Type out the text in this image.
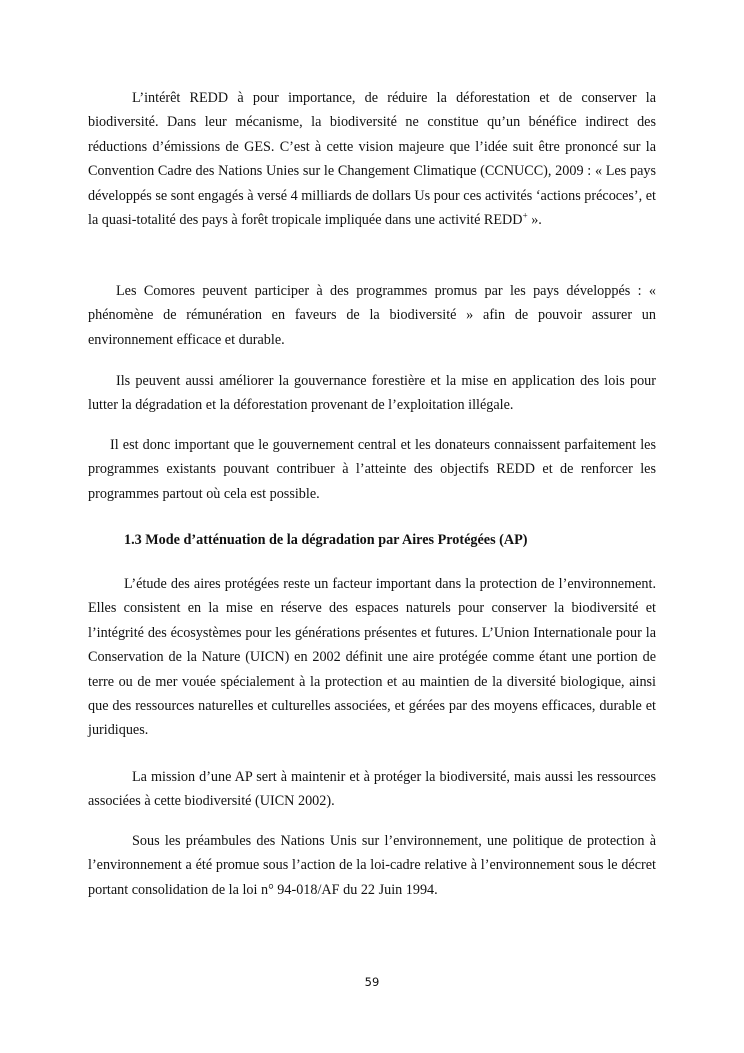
L’intérêt REDD à pour importance, de réduire la déforestation et de conserver la biodiversité. Dans leur mécanisme, la biodiversité ne constitue qu’un bénéfice indirect des réductions d’émissions de GES. C’est à cette vision majeure que l’idée suit être prononcé sur la Convention Cadre des Nations Unies sur le Changement Climatique (CCNUCC), 2009 : « Les pays développés se sont engagés à versé 4 milliards de dollars Us pour ces activités ‘actions précoces’, et la quasi-totalité des pays à forêt tropicale impliquée dans une activité REDD+ ».

Les Comores peuvent participer à des programmes promus par les pays développés : « phénomène de rémunération en faveurs de la biodiversité » afin de pouvoir assurer un environnement efficace et durable.

Ils peuvent aussi améliorer la gouvernance forestière et la mise en application des lois pour lutter la dégradation et la déforestation provenant de l’exploitation illégale.

Il est donc important que le gouvernement central et les donateurs connaissent parfaitement les programmes existants pouvant contribuer à l’atteinte des objectifs REDD et de renforcer les programmes partout où cela est possible.

1.3 Mode d’atténuation de la dégradation par Aires Protégées (AP)

L’étude des aires protégées reste un facteur important dans la protection de l’environnement. Elles consistent en la mise en réserve des espaces naturels pour conserver la biodiversité et l’intégrité des écosystèmes pour les générations présentes et futures. L’Union Internationale pour la Conservation de la Nature (UICN) en 2002 définit une aire protégée comme étant une portion de terre ou de mer vouée spécialement à la protection et au maintien de la diversité biologique, ainsi que des ressources naturelles et culturelles associées, et gérées par des moyens efficaces, durable et juridiques.

La mission d’une AP sert à maintenir et à protéger la biodiversité, mais aussi les ressources associées à cette biodiversité (UICN 2002).

Sous les préambules des Nations Unis sur l’environnement, une politique de protection à l’environnement a été promue sous l’action de la loi-cadre relative à l’environnement sous le décret portant consolidation de la loi n° 94-018/AF du 22 Juin 1994.

59
